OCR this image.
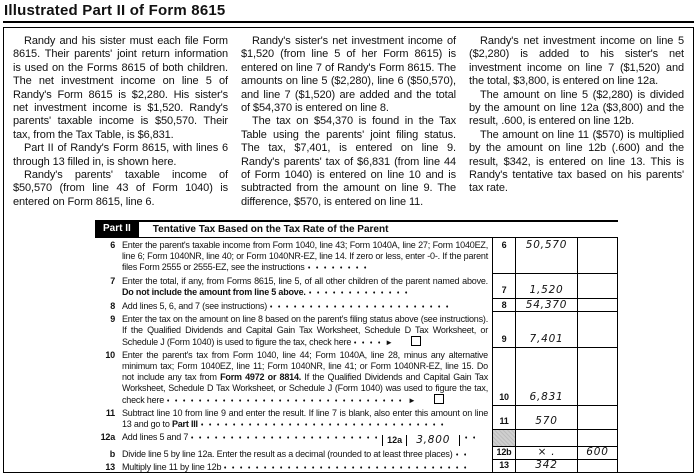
Illustrated Part II of Form 8615

Randy and his sister must each file Form 8615. Their parents' joint return information is used on the Forms 8615 of both children. The net investment income on line 5 of Randy's Form 8615 is $2,280. His sister's net investment income is $1,520. Randy's parents' taxable income is $50,570. Their tax, from the Tax Table, is $6,831.

Part II of Randy's Form 8615, with lines 6 through 13 filled in, is shown here.

Randy's parents' taxable income of $50,570 (from line 43 of Form 1040) is entered on Form 8615, line 6.

Randy's sister's net investment income of $1,520 (from line 5 of her Form 8615) is entered on line 7 of Randy's Form 8615. The amounts on line 5 ($2,280), line 6 ($50,570), and line 7 ($1,520) are added and the total of $54,370 is entered on line 8.

The tax on $54,370 is found in the Tax Table using the parents' joint filing status. The tax, $7,401, is entered on line 9. Randy's parents' tax of $6,831 (from line 44 of Form 1040) is entered on line 10 and is subtracted from the amount on line 9. The difference, $570, is entered on line 11.

Randy's net investment income on line 5 ($2,280) is added to his sister's net investment income on line 7 ($1,520) and the total, $3,800, is entered on line 12a.

The amount on line 5 ($2,280) is divided by the amount on line 12a ($3,800) and the result, .600, is entered on line 12b.

The amount on line 11 ($570) is multiplied by the amount on line 12b (.600) and the result, $342, is entered on line 13. This is Randy's tentative tax based on his parents' tax rate.

Part II	Tentative Tax Based on the Tax Rate of the Parent
6 Enter the parent's taxable income from Form 1040, line 43; Form 1040A, line 27; Form 1040EZ, line 6; Form 1040NR, line 40; or Form 1040NR-EZ, line 14. If zero or less, enter -0-. If the parent files Form 2555 or 2555-EZ, see the instructions
6	50,570
7 Enter the total, if any, from Forms 8615, line 5, of all other children of the parent named above. Do not include the amount from line 5 above.	7	1,520
8 Add lines 5, 6, and 7 (see instructions)	8	54,370
9 Enter the tax on the amount on line 8 based on the parent's filing status above (see instructions). If the Qualified Dividends and Capital Gain Tax Worksheet, Schedule D Tax Worksheet, or Schedule J (Form 1040) is used to figure the tax, check here	►	9	7,401
10 Enter the parent's tax from Form 1040, line 44; Form 1040A, line 28, minus any alternative minimum tax; Form 1040EZ, line 11; Form 1040NR, line 41; or Form 1040NR-EZ, line 15. Do not include any tax from Form 4972 or 8814. If the Qualified Dividends and Capital Gain Tax Worksheet, Schedule D Tax Worksheet, or Schedule J (Form 1040) was used to figure the tax, check here	►	10	6,831
11 Subtract line 10 from line 9 and enter the result. If line 7 is blank, also enter this amount on line 13 and go to Part III	11	570
12a Add lines 5 and 7	12a	3,800
b Divide line 5 by line 12a. Enter the result as a decimal (rounded to at least three places)	12b	× .	600
13 Multiply line 11 by line 12b	13	342
